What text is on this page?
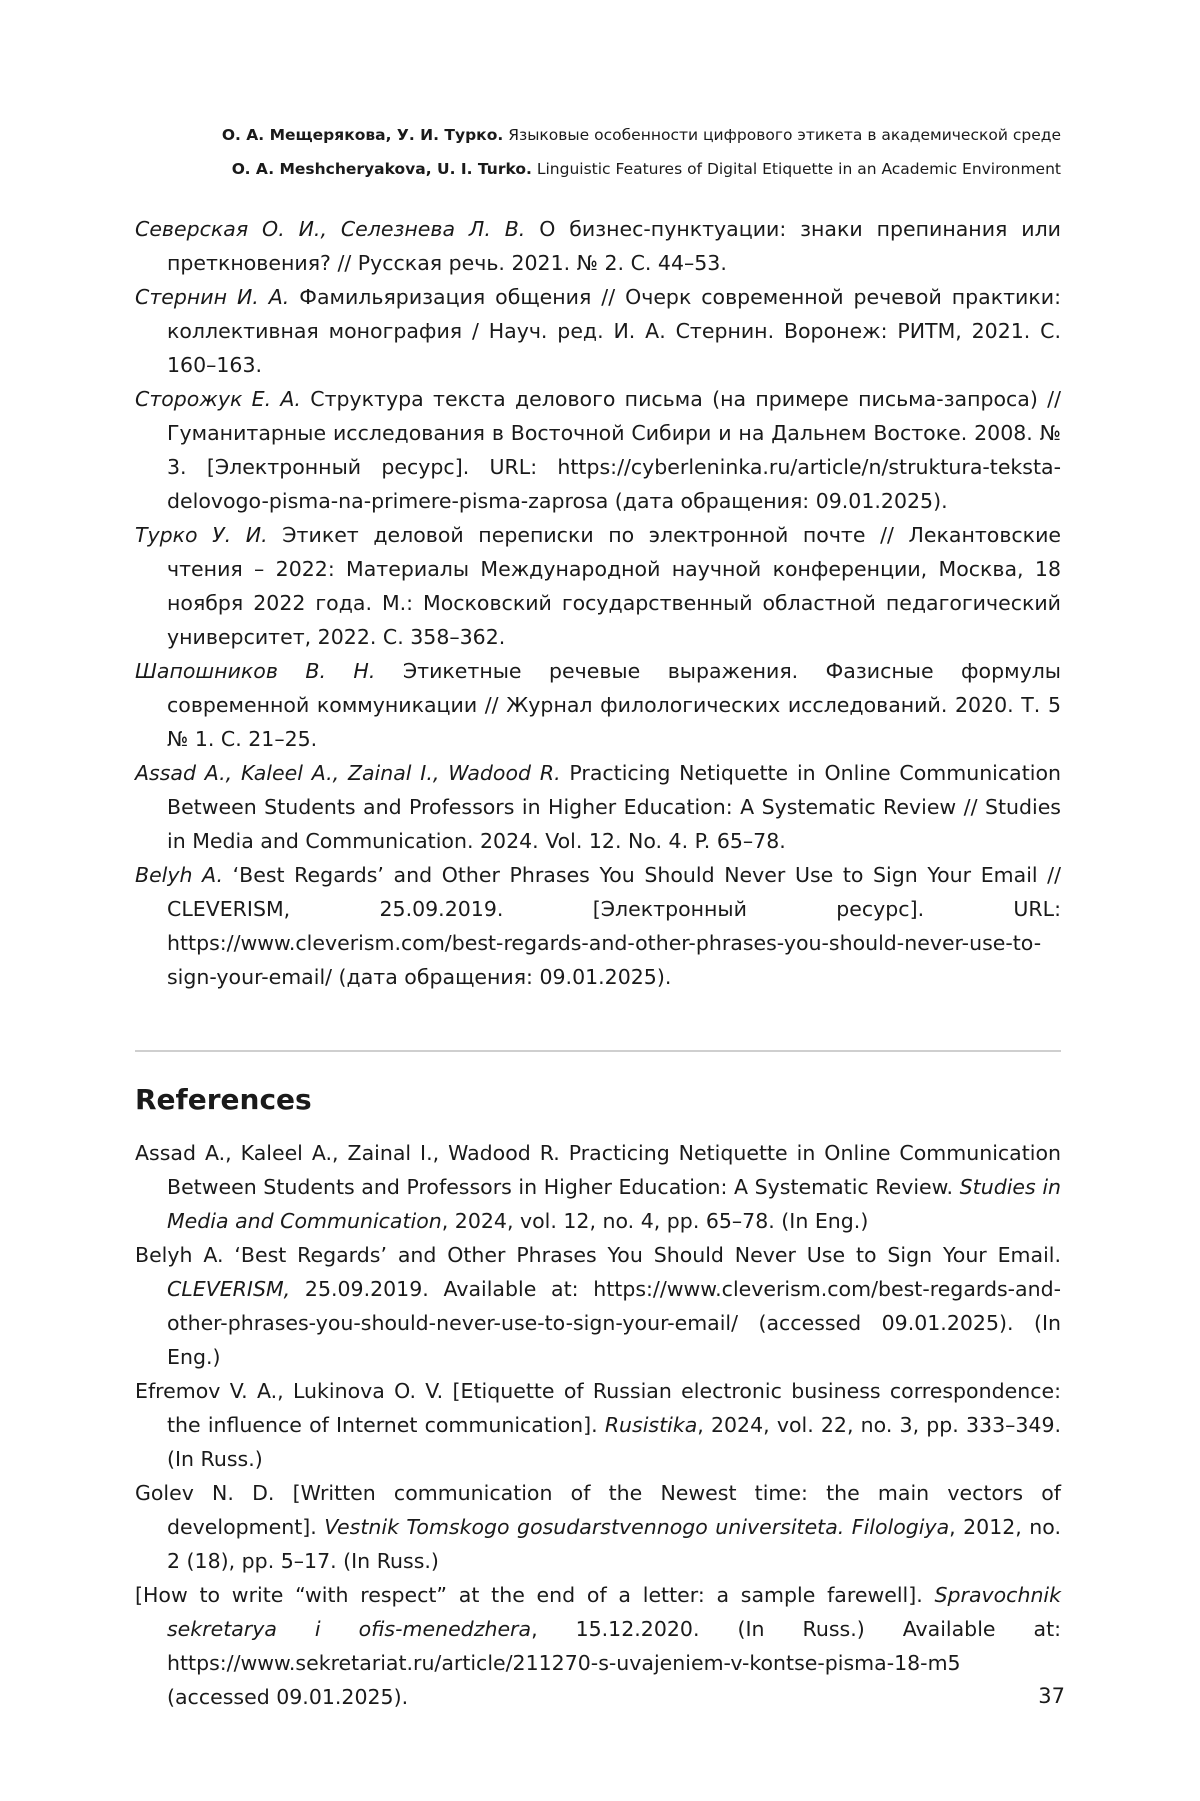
О. А. Мещерякова, У. И. Турко. Языковые особенности цифрового этикета в академической среде
O. A. Meshcheryakova, U. I. Turko. Linguistic Features of Digital Etiquette in an Academic Environment
Северская О. И., Селезнева Л. В. О бизнес-пунктуации: знаки препинания или преткновения? // Русская речь. 2021. № 2. С. 44–53.
Стернин И. А. Фамильяризация общения // Очерк современной речевой практики: коллективная монография / Науч. ред. И. А. Стернин. Воронеж: РИТМ, 2021. С. 160–163.
Сторожук Е. А. Структура текста делового письма (на примере письма-запроса) // Гуманитарные исследования в Восточной Сибири и на Дальнем Востоке. 2008. № 3. [Электронный ресурс]. URL: https://cyberleninka.ru/article/n/struktura-teksta-delovogo-pisma-na-primere-pisma-zaprosa (дата обращения: 09.01.2025).
Турко У. И. Этикет деловой переписки по электронной почте // Лекантовские чтения – 2022: Материалы Международной научной конференции, Москва, 18 ноября 2022 года. М.: Московский государственный областной педагогический университет, 2022. С. 358–362.
Шапошников В. Н. Этикетные речевые выражения. Фазисные формулы современной коммуникации // Журнал филологических исследований. 2020. Т. 5 № 1. С. 21–25.
Assad A., Kaleel A., Zainal I., Wadood R. Practicing Netiquette in Online Communication Between Students and Professors in Higher Education: A Systematic Review // Studies in Media and Communication. 2024. Vol. 12. No. 4. P. 65–78.
Belyh A. ‘Best Regards’ and Other Phrases You Should Never Use to Sign Your Email // CLEVERISM, 25.09.2019. [Электронный ресурс]. URL: https://www.cleverism.com/best-regards-and-other-phrases-you-should-never-use-to-sign-your-email/ (дата обращения: 09.01.2025).
References
Assad A., Kaleel A., Zainal I., Wadood R. Practicing Netiquette in Online Communication Between Students and Professors in Higher Education: A Systematic Review. Studies in Media and Communication, 2024, vol. 12, no. 4, pp. 65–78. (In Eng.)
Belyh A. ‘Best Regards’ and Other Phrases You Should Never Use to Sign Your Email. CLEVERISM, 25.09.2019. Available at: https://www.cleverism.com/best-regards-and-other-phrases-you-should-never-use-to-sign-your-email/ (accessed 09.01.2025). (In Eng.)
Efremov V. A., Lukinova O. V. [Etiquette of Russian electronic business correspondence: the influence of Internet communication]. Rusistika, 2024, vol. 22, no. 3, pp. 333–349. (In Russ.)
Golev N. D. [Written communication of the Newest time: the main vectors of development]. Vestnik Tomskogo gosudarstvennogo universiteta. Filologiya, 2012, no. 2 (18), pp. 5–17. (In Russ.)
[How to write “with respect” at the end of a letter: a sample farewell]. Spravochnik sekretarya i ofis-menedzhera, 15.12.2020. (In Russ.) Available at: https://www.sekretariat.ru/article/211270-s-uvajeniem-v-kontse-pisma-18-m5 (accessed 09.01.2025).	37
